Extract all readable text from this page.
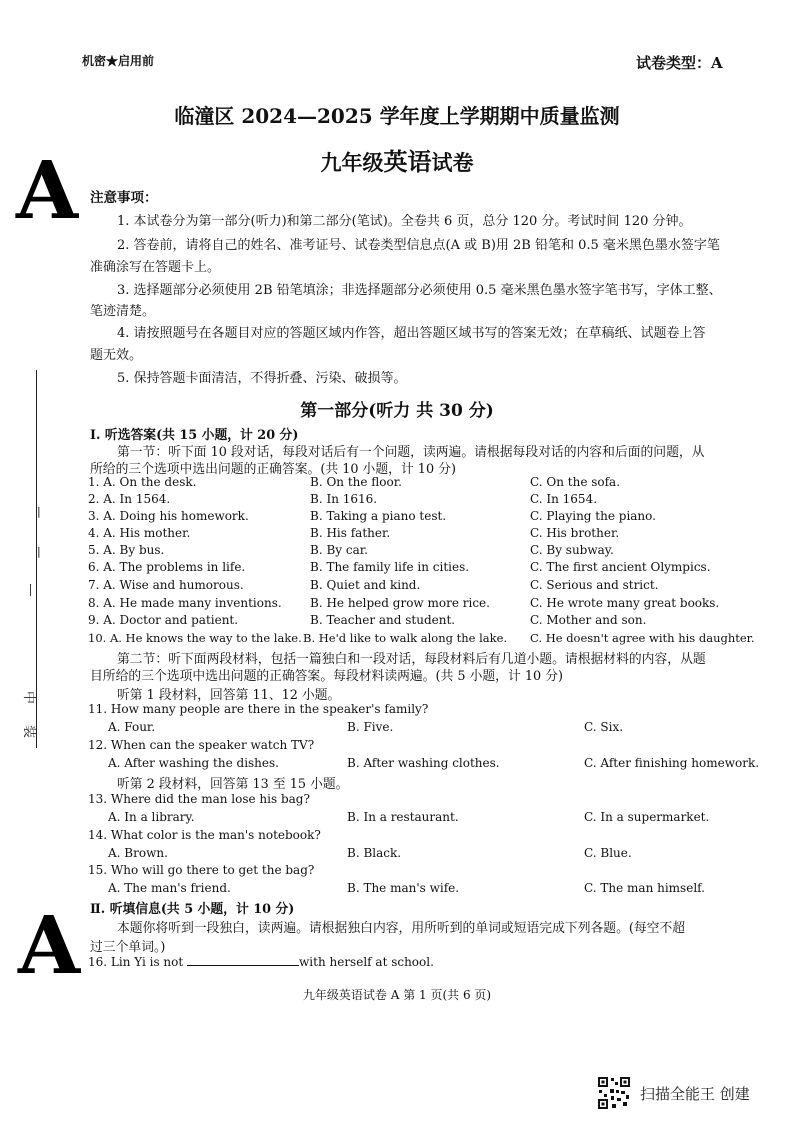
机密★启用前	试卷类型：A
临潼区 2024—2025 学年度上学期期中质量监测
九年级英语试卷
A
A
|
|
丨
中
装
注意事项：
1. 本试卷分为第一部分(听力)和第二部分(笔试)。全卷共 6 页，总分 120 分。考试时间 120 分钟。
2. 答卷前，请将自己的姓名、准考证号、试卷类型信息点(A 或 B)用 2B 铅笔和 0.5 毫米黑色墨水签字笔
准确涂写在答题卡上。
3. 选择题部分必须使用 2B 铅笔填涂；非选择题部分必须使用 0.5 毫米黑色墨水签字笔书写，字体工整、
笔迹清楚。
4. 请按照题号在各题目对应的答题区域内作答，超出答题区域书写的答案无效；在草稿纸、试题卷上答
题无效。
5. 保持答题卡面清洁，不得折叠、污染、破损等。
第一部分(听力 共 30 分)
Ⅰ. 听选答案(共 15 小题，计 20 分)
第一节：听下面 10 段对话，每段对话后有一个问题，读两遍。请根据每段对话的内容和后面的问题，从
所给的三个选项中选出问题的正确答案。(共 10 小题，计 10 分)
1. A. On the desk.	B. On the floor.	C. On the sofa.
2. A. In 1564.	B. In 1616.	C. In 1654.
3. A. Doing his homework.	B. Taking a piano test.	C. Playing the piano.
4. A. His mother.	B. His father.	C. His brother.
5. A. By bus.	B. By car.	C. By subway.
6. A. The problems in life.	B. The family life in cities.	C. The first ancient Olympics.
7. A. Wise and humorous.	B. Quiet and kind.	C. Serious and strict.
8. A. He made many inventions. B. He helped grow more rice.	C. He wrote many great books.
9. A. Doctor and patient.	B. Teacher and student.	C. Mother and son.
10. A. He knows the way to the lake. B. He'd like to walk along the lake. C. He doesn't agree with his daughter.
第二节：听下面两段材料，包括一篇独白和一段对话，每段材料后有几道小题。请根据材料的内容，从题
目所给的三个选项中选出问题的正确答案。每段材料读两遍。(共 5 小题，计 10 分)
听第 1 段材料，回答第 11、12 小题。
11. How many people are there in the speaker's family?
A. Four.	B. Five.	C. Six.
12. When can the speaker watch TV?
A. After washing the dishes.	B. After washing clothes.	C. After finishing homework.
听第 2 段材料，回答第 13 至 15 小题。
13. Where did the man lose his bag?
A. In a library.	B. In a restaurant.	C. In a supermarket.
14. What color is the man's notebook?
A. Brown.	B. Black.	C. Blue.
15. Who will go there to get the bag?
A. The man's friend.	B. The man's wife.	C. The man himself.
Ⅱ. 听填信息(共 5 小题，计 10 分)
本题你将听到一段独白，读两遍。请根据独白内容，用所听到的单词或短语完成下列各题。(每空不超
过三个单词。)
16. Lin Yi is not	with herself at school.
九年级英语试卷 A 第 1 页(共 6 页)
扫描全能王 创建
